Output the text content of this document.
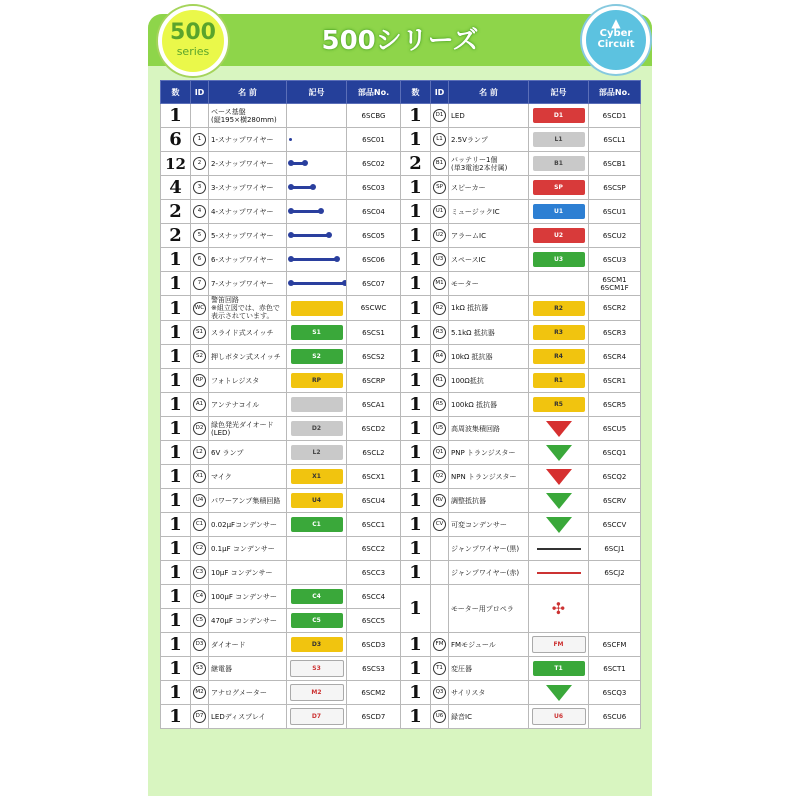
500シリーズ
500
series
▲
Cyber
Circuit
数	ID	名 前	記号	部品No.	数	ID	名 前	記号	部品No.
1		ベース基盤
(縦195×横280mm)		6SCBG	1	D1	LED	D1	6SCD1
6	1	1-スナップワイヤー		6SC01	1	L1	2.5Vランプ	L1	6SCL1
12	2	2-スナップワイヤー		6SC02	2	B1	バッテリー1個
(単3電池2本付属)	B1	6SCB1
4	3	3-スナップワイヤー		6SC03	1	SP	スピーカー	SP	6SCSP
2	4	4-スナップワイヤー		6SC04	1	U1	ミュージックIC	U1	6SCU1
2	5	5-スナップワイヤー		6SC05	1	U2	アラームIC	U2	6SCU2
1	6	6-スナップワイヤー		6SC06	1	U3	スペースIC	U3	6SCU3
1	7	7-スナップワイヤー		6SC07	1	M1	モーター		6SCM1
6SCM1F
1	WC	警笛回路
※組立図では、赤色で
表示されています。		6SCWC	1	R2	1kΩ 抵抗器	R2	6SCR2
1	S1	スライド式スイッチ	S1	6SCS1	1	R3	5.1kΩ 抵抗器	R3	6SCR3
1	S2	押しボタン式スイッチ	S2	6SCS2	1	R4	10kΩ 抵抗器	R4	6SCR4
1	RP	フォトレジスタ	RP	6SCRP	1	R1	100Ω抵抗	R1	6SCR1
1	A1	アンテナコイル		6SCA1	1	R5	100kΩ 抵抗器	R5	6SCR5
1	D2	緑色発光ダイオード
(LED)	D2	6SCD2	1	U5	高周波集積回路		6SCU5
1	L2	6V ランプ	L2	6SCL2	1	Q1	PNP トランジスター		6SCQ1
1	X1	マイク	X1	6SCX1	1	Q2	NPN トランジスター		6SCQ2
1	U4	パワーアンプ集積回路	U4	6SCU4	1	RV	調整抵抗器		6SCRV
1	C1	0.02μFコンデンサー	C1	6SCC1	1	CV	可変コンデンサー		6SCCV
1	C2	0.1μF コンデンサー		6SCC2	1		ジャンプワイヤー(黒)		6SCJ1
1	C3	10μF コンデンサー		6SCC3	1		ジャンプワイヤー(赤)		6SCJ2
1	C4	100μF コンデンサー	C4	6SCC4	1		モーター用プロペラ	✣	
1	C5	470μF コンデンサー	C5	6SCC5					
1	D3	ダイオード	D3	6SCD3	1	FM	FMモジュール	FM	6SCFM
1	S3	継電器	S3	6SCS3	1	T1	変圧器	T1	6SCT1
1	M2	アナログメーター	M2	6SCM2	1	Q3	サイリスタ		6SCQ3
1	D7	LEDディスプレイ	D7	6SCD7	1	U6	録音IC	U6	6SCU6
